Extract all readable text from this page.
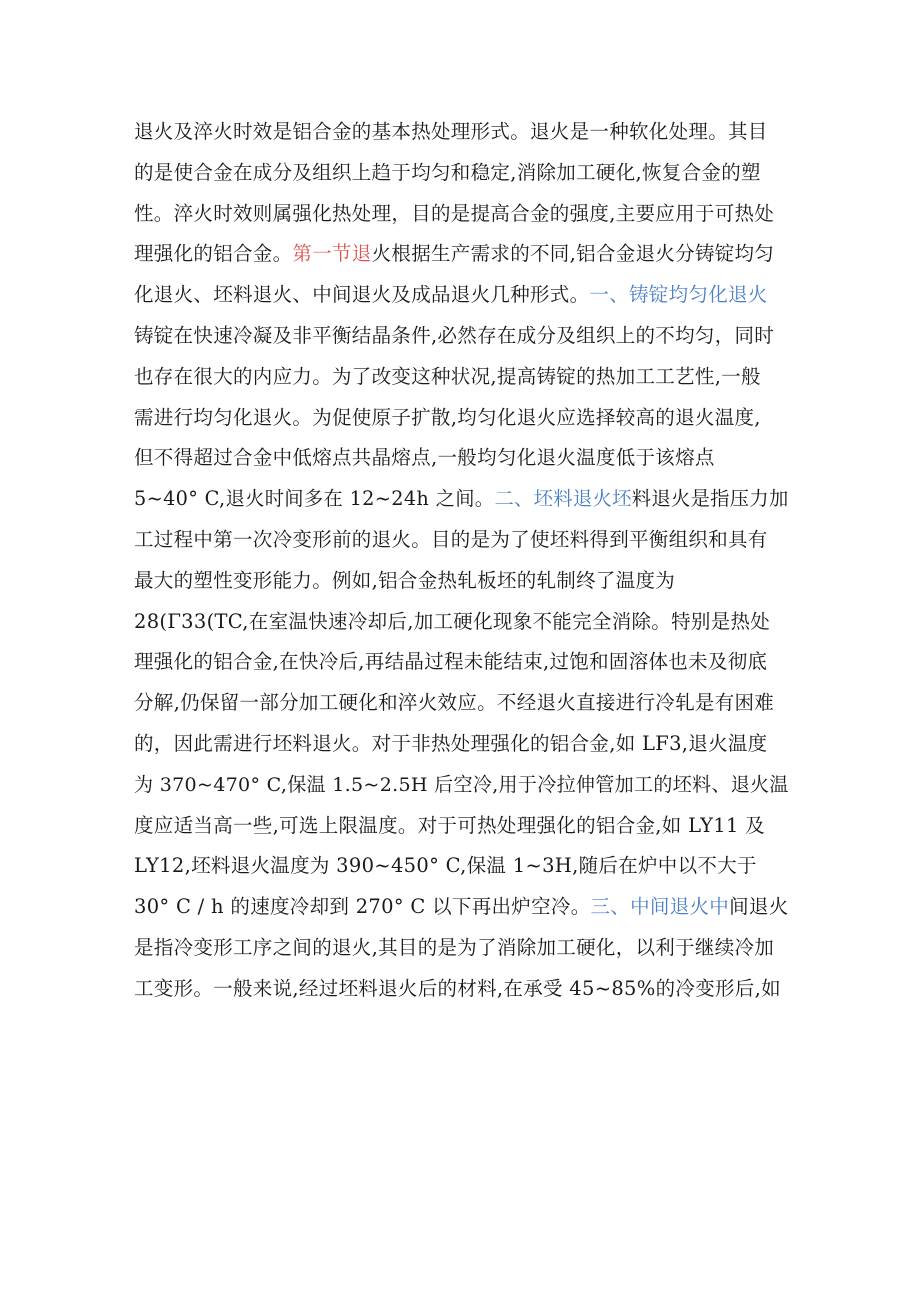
退火及淬火时效是铝合金的基本热处理形式。退火是一种软化处理。其目
的是使合金在成分及组织上趋于均匀和稳定,消除加工硬化,恢复合金的塑
性。淬火时效则属强化热处理，目的是提高合金的强度,主要应用于可热处
理强化的铝合金。第一节退火根据生产需求的不同,铝合金退火分铸锭均匀
化退火、坯料退火、中间退火及成品退火几种形式。一、铸锭均匀化退火
铸锭在快速冷凝及非平衡结晶条件,必然存在成分及组织上的不均匀，同时
也存在很大的内应力。为了改变这种状况,提高铸锭的热加工工艺性,一般
需进行均匀化退火。为促使原子扩散,均匀化退火应选择较高的退火温度,
但不得超过合金中低熔点共晶熔点,一般均匀化退火温度低于该熔点
5~40° C,退火时间多在 12~24h 之间。二、坯料退火坯料退火是指压力加
工过程中第一次冷变形前的退火。目的是为了使坯料得到平衡组织和具有
最大的塑性变形能力。例如,铝合金热轧板坯的轧制终了温度为
28(Γ33(TC,在室温快速冷却后,加工硬化现象不能完全消除。特别是热处
理强化的铝合金,在快冷后,再结晶过程未能结束,过饱和固溶体也未及彻底
分解,仍保留一部分加工硬化和淬火效应。不经退火直接进行冷轧是有困难
的，因此需进行坯料退火。对于非热处理强化的铝合金,如 LF3,退火温度
为 370~470° C,保温 1.5~2.5H 后空冷,用于冷拉伸管加工的坯料、退火温
度应适当高一些,可选上限温度。对于可热处理强化的铝合金,如 LY11 及
LY12,坯料退火温度为 390~450° C,保温 1~3H,随后在炉中以不大于
30° C / h 的速度冷却到 270° C 以下再出炉空冷。三、中间退火中间退火
是指冷变形工序之间的退火,其目的是为了消除加工硬化，以利于继续冷加
工变形。一般来说,经过坯料退火后的材料,在承受 45~85%的冷变形后,如
